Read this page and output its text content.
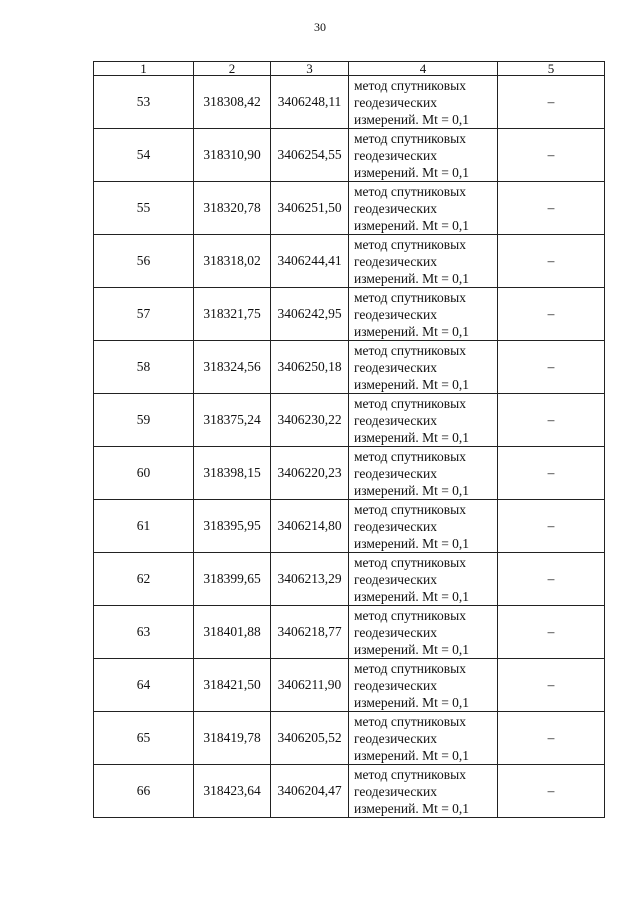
30
1	2	3	4	5
53	318308,42	3406248,11	метод спутниковых
геодезических
измерений. Mt = 0,1	–
54	318310,90	3406254,55	метод спутниковых
геодезических
измерений. Mt = 0,1	–
55	318320,78	3406251,50	метод спутниковых
геодезических
измерений. Mt = 0,1	–
56	318318,02	3406244,41	метод спутниковых
геодезических
измерений. Mt = 0,1	–
57	318321,75	3406242,95	метод спутниковых
геодезических
измерений. Mt = 0,1	–
58	318324,56	3406250,18	метод спутниковых
геодезических
измерений. Mt = 0,1	–
59	318375,24	3406230,22	метод спутниковых
геодезических
измерений. Mt = 0,1	–
60	318398,15	3406220,23	метод спутниковых
геодезических
измерений. Mt = 0,1	–
61	318395,95	3406214,80	метод спутниковых
геодезических
измерений. Mt = 0,1	–
62	318399,65	3406213,29	метод спутниковых
геодезических
измерений. Mt = 0,1	–
63	318401,88	3406218,77	метод спутниковых
геодезических
измерений. Mt = 0,1	–
64	318421,50	3406211,90	метод спутниковых
геодезических
измерений. Mt = 0,1	–
65	318419,78	3406205,52	метод спутниковых
геодезических
измерений. Mt = 0,1	–
66	318423,64	3406204,47	метод спутниковых
геодезических
измерений. Mt = 0,1	–
